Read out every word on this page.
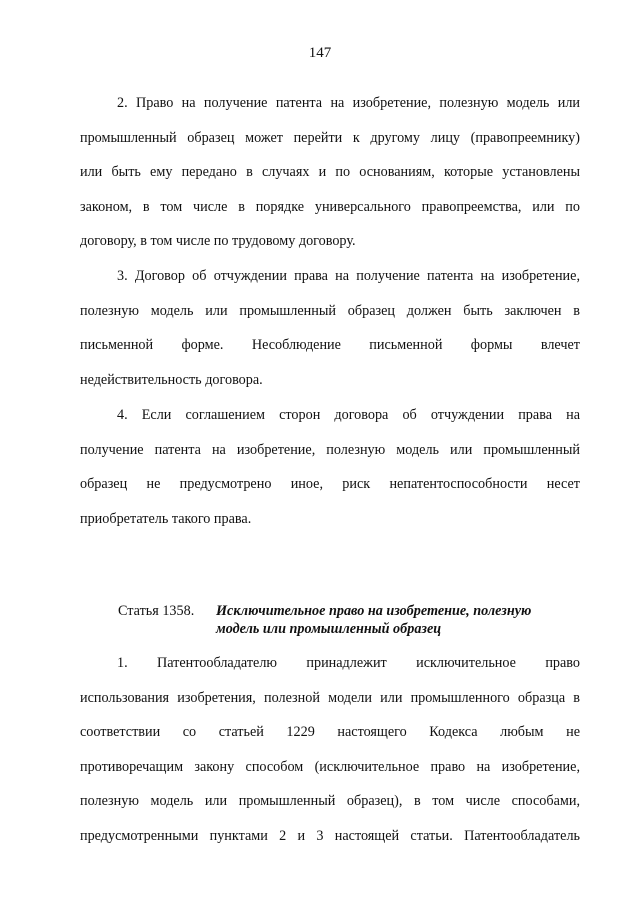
147
2. Право на получение патента на изобретение, полезную модель или
промышленный образец может перейти к другому лицу (правопреемнику)
или быть ему передано в случаях и по основаниям, которые установлены
законом, в том числе в порядке универсального правопреемства, или по
договору, в том числе по трудовому договору.
3. Договор об отчуждении права на получение патента на изобретение,
полезную модель или промышленный образец должен быть заключен в
письменной форме. Несоблюдение письменной формы влечет
недействительность договора.
4. Если соглашением сторон договора об отчуждении права на
получение патента на изобретение, полезную модель или промышленный
образец не предусмотрено иное, риск непатентоспособности несет
приобретатель такого права.
Статья 1358. Исключительное право на изобретение, полезную
модель или промышленный образец
1. Патентообладателю принадлежит исключительное право
использования изобретения, полезной модели или промышленного образца в
соответствии со статьей 1229 настоящего Кодекса любым не
противоречащим закону способом (исключительное право на изобретение,
полезную модель или промышленный образец), в том числе способами,
предусмотренными пунктами 2 и 3 настоящей статьи. Патентообладатель
